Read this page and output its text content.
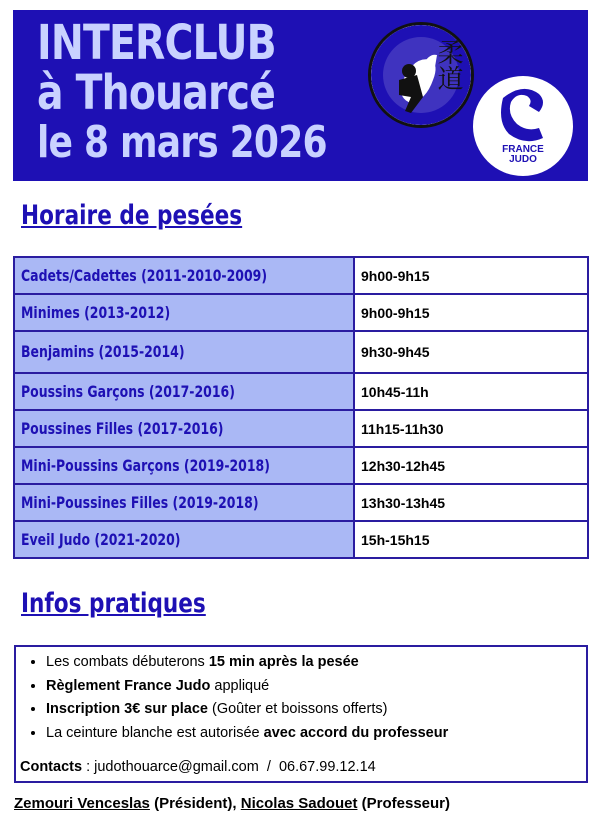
INTERCLUB
à Thouarcé
le 8 mars 2026
柔道
FRANCE
JUDO
Horaire de pesées
Cadets/Cadettes (2011-2010-2009)	9h00-9h15
Minimes (2013-2012)	9h00-9h15
Benjamins (2015-2014)	9h30-9h45
Poussins Garçons (2017-2016)	10h45-11h
Poussines Filles (2017-2016)	11h15-11h30
Mini-Poussins Garçons (2019-2018)	12h30-12h45
Mini-Poussines Filles (2019-2018)	13h30-13h45
Eveil Judo (2021-2020)	15h-15h15
Infos pratiques
• Les combats débuterons 15 min après la pesée
• Règlement France Judo appliqué
• Inscription 3€ sur place (Goûter et boissons offerts)
• La ceinture blanche est autorisée avec accord du professeur
Contacts : judothouarce@gmail.com  /  06.67.99.12.14
Zemouri Venceslas (Président), Nicolas Sadouet (Professeur)
